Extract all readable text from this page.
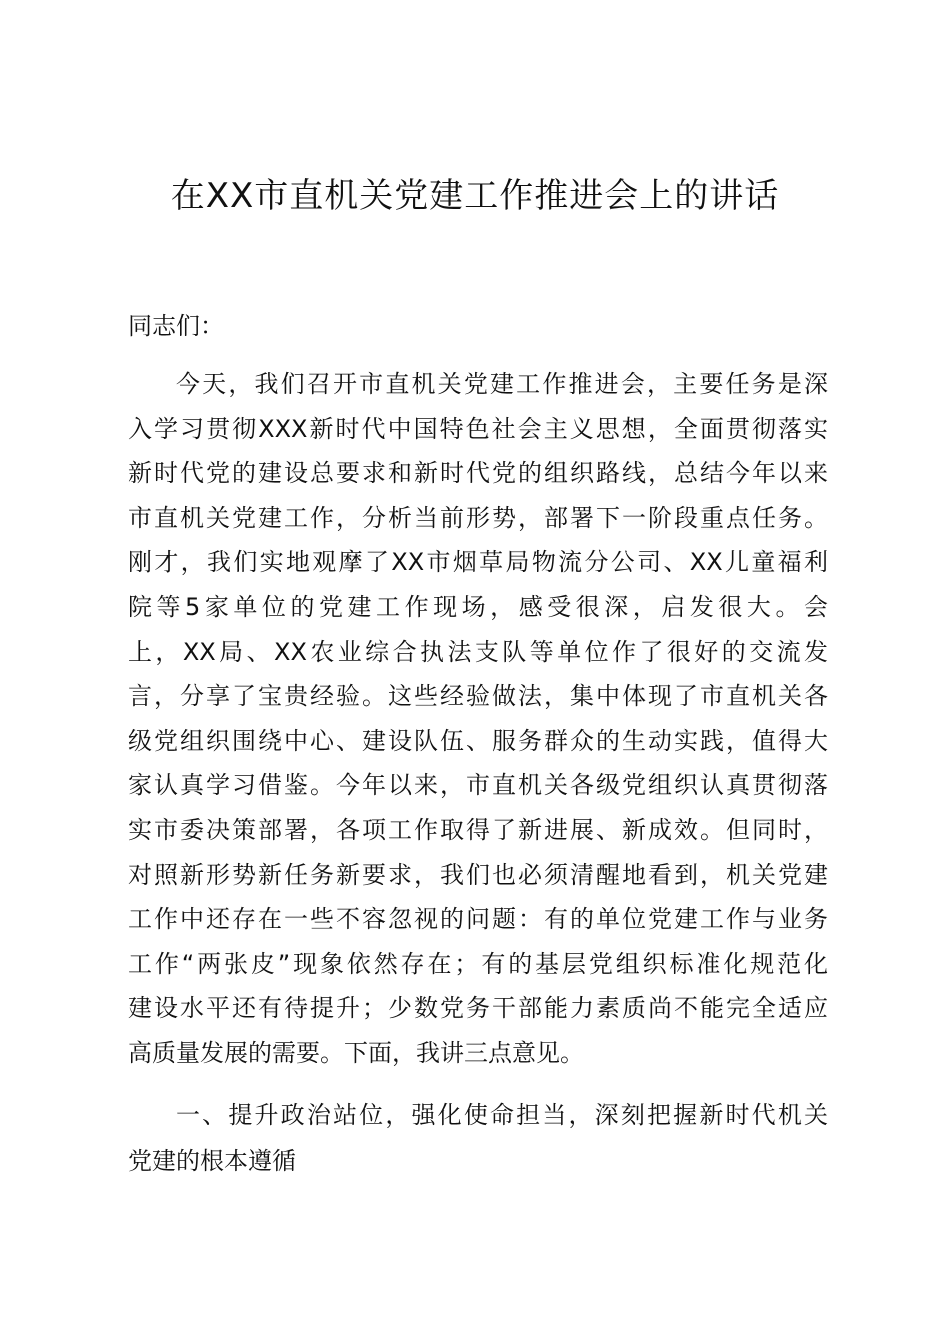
在XX市直机关党建工作推进会上的讲话

同志们：

今天，我们召开市直机关党建工作推进会，主要任务是深
入学习贯彻XXX新时代中国特色社会主义思想，全面贯彻落实
新时代党的建设总要求和新时代党的组织路线，总结今年以来
市直机关党建工作，分析当前形势，部署下一阶段重点任务。
刚才，我们实地观摩了XX市烟草局物流分公司、XX儿童福利
院等5家单位的党建工作现场，感受很深，启发很大。会
上，XX局、XX农业综合执法支队等单位作了很好的交流发
言，分享了宝贵经验。这些经验做法，集中体现了市直机关各
级党组织围绕中心、建设队伍、服务群众的生动实践，值得大
家认真学习借鉴。今年以来，市直机关各级党组织认真贯彻落
实市委决策部署，各项工作取得了新进展、新成效。但同时，
对照新形势新任务新要求，我们也必须清醒地看到，机关党建
工作中还存在一些不容忽视的问题：有的单位党建工作与业务
工作“两张皮”现象依然存在；有的基层党组织标准化规范化
建设水平还有待提升；少数党务干部能力素质尚不能完全适应
高质量发展的需要。下面，我讲三点意见。
一、提升政治站位，强化使命担当，深刻把握新时代机关
党建的根本遵循
